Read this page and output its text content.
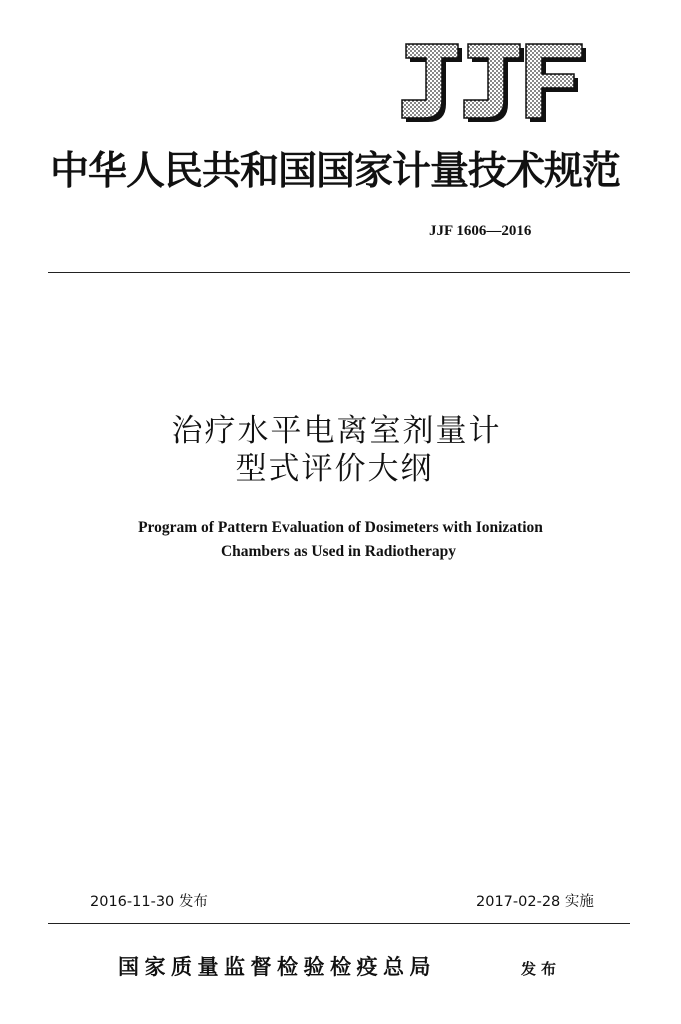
中华人民共和国国家计量技术规范
JJF 1606—2016
治疗水平电离室剂量计
型式评价大纲
Program of Pattern Evaluation of Dosimeters with Ionization
Chambers as Used in Radiotherapy
2016-11-30 发布	2017-02-28 实施
国家质量监督检验检疫总局	发布
